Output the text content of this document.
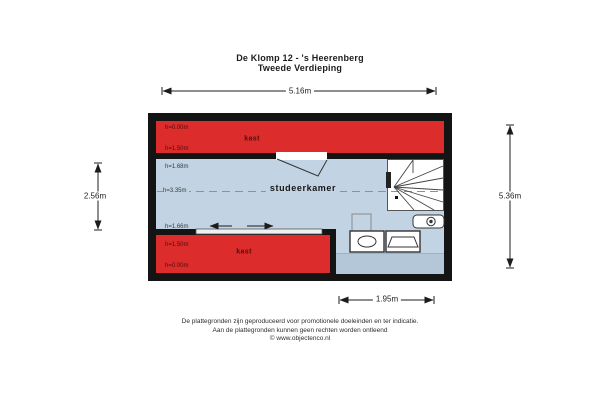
De Klomp 12 - 's Heerenberg
Tweede Verdieping
h=0.00m
kast
h=1.50m
h=1.68m
h=3.35m	studeerkamer
h=1.66m
h=1.50m
kast
h=0.00m
5.16m
2.56m	5.36m
1.95m
De plattegronden zijn geproduceerd voor promotionele doeleinden en ter indicatie.
Aan de plattegronden kunnen geen rechten worden ontleend
© www.objectenco.nl
